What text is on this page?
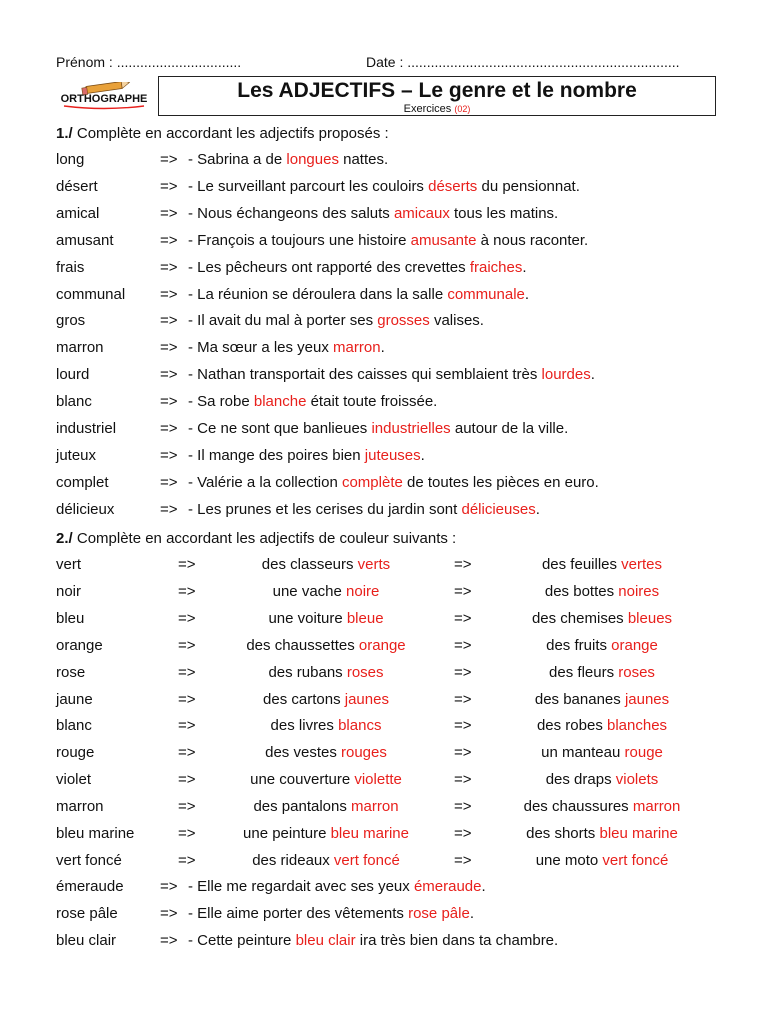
Prénom : ................................	Date : ......................................................................
ORTHOGRAPHE	Les ADJECTIFS – Le genre et le nombre
Exercices (02)
1./ Complète en accordant les adjectifs proposés :
long	=> - Sabrina a de longues nattes.
désert	=> - Le surveillant parcourt les couloirs déserts du pensionnat.
amical	=> - Nous échangeons des saluts amicaux tous les matins.
amusant	=> - François a toujours une histoire amusante à nous raconter.
frais	=> - Les pêcheurs ont rapporté des crevettes fraiches.
communal => - La réunion se déroulera dans la salle communale.
gros	=> - Il avait du mal à porter ses grosses valises.
marron	=> - Ma sœur a les yeux marron.
lourd	=> - Nathan transportait des caisses qui semblaient très lourdes.
blanc	=> - Sa robe blanche était toute froissée.
industriel	=> - Ce ne sont que banlieues industrielles autour de la ville.
juteux	=> - Il mange des poires bien juteuses.
complet	=> - Valérie a la collection complète de toutes les pièces en euro.
délicieux	=> - Les prunes et les cerises du jardin sont délicieuses.
2./ Complète en accordant les adjectifs de couleur suivants :
vert	=>	des classeurs verts	=>	des feuilles vertes
noir	=>	une vache noire	=>	des bottes noires
bleu	=>	une voiture bleue	=>	des chemises bleues
orange	=>	des chaussettes orange	=>	des fruits orange
rose	=>	des rubans roses	=>	des fleurs roses
jaune	=>	des cartons jaunes	=>	des bananes jaunes
blanc	=>	des livres blancs	=>	des robes blanches
rouge	=>	des vestes rouges	=>	un manteau rouge
violet	=>	une couverture violette	=>	des draps violets
marron	=>	des pantalons marron	=>	des chaussures marron
bleu marine	=>	une peinture bleu marine	=>	des shorts bleu marine
vert foncé	=>	des rideaux vert foncé	=>	une moto vert foncé
émeraude => - Elle me regardait avec ses yeux émeraude.
rose pâle	=> - Elle aime porter des vêtements rose pâle.
bleu clair	=> - Cette peinture bleu clair ira très bien dans ta chambre.
